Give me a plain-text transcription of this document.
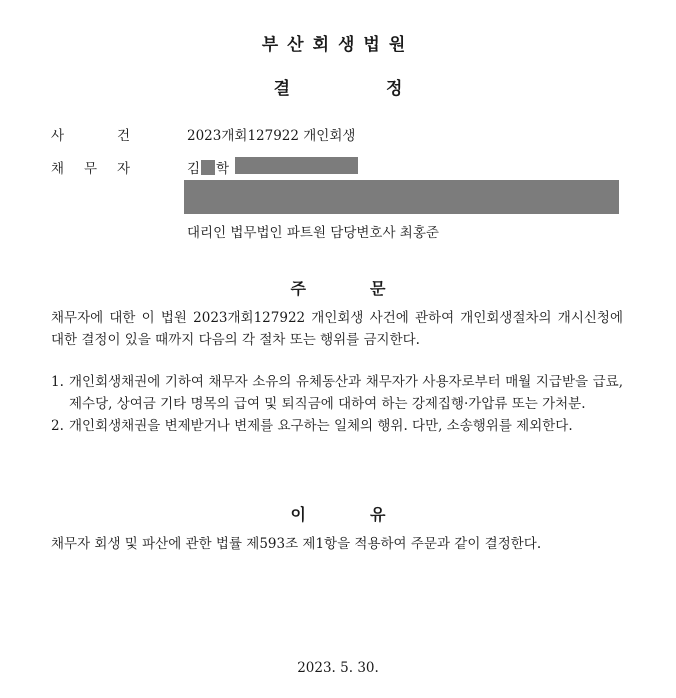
부산회생법원
결	정
사	건	2023개회127922 개인회생
채 무 자	김 학
대리인 법무법인 파트원 담당변호사 최홍준
주	문
채무자에 대한 이 법원 2023개회127922 개인회생 사건에 관하여 개인회생절차의 개시신청에 대한 결정이 있을 때까지 다음의 각 절차 또는 행위를 금지한다.
1. 개인회생채권에 기하여 채무자 소유의 유체동산과 채무자가 사용자로부터 매월 지급받을 급료, 제수당, 상여금 기타 명목의 급여 및 퇴직금에 대하여 하는 강제집행·가압류 또는 가처분.
2. 개인회생채권을 변제받거나 변제를 요구하는 일체의 행위. 다만, 소송행위를 제외한다.
이	유
채무자 회생 및 파산에 관한 법률 제593조 제1항을 적용하여 주문과 같이 결정한다.
2023. 5. 30.
